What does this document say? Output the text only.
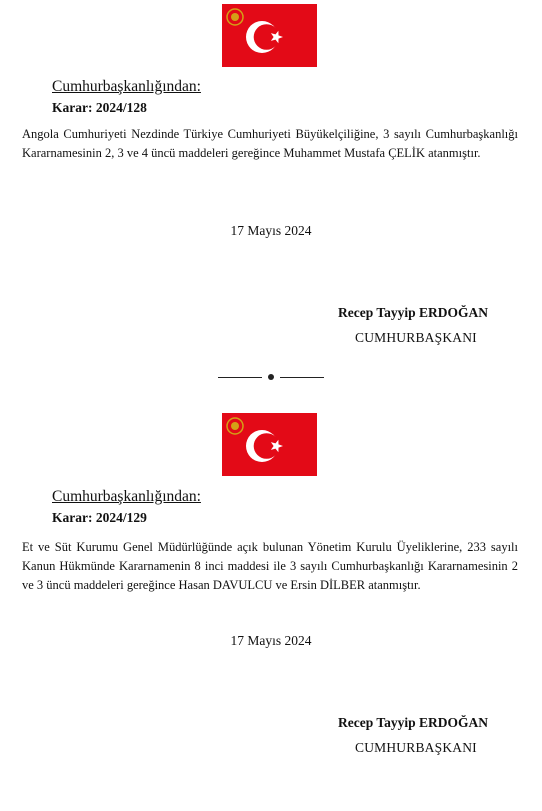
Cumhurbaşkanlığından:
Karar: 2024/128
Angola Cumhuriyeti Nezdinde Türkiye Cumhuriyeti Büyükelçiliğine, 3 sayılı Cumhurbaşkanlığı Kararnamesinin 2, 3 ve 4 üncü maddeleri gereğince Muhammet Mustafa ÇELİK atanmıştır.
17 Mayıs 2024
Recep Tayyip ERDOĞAN
CUMHURBAŞKANI
Cumhurbaşkanlığından:
Karar: 2024/129
Et ve Süt Kurumu Genel Müdürlüğünde açık bulunan Yönetim Kurulu Üyeliklerine, 233 sayılı Kanun Hükmünde Kararnamenin 8 inci maddesi ile 3 sayılı Cumhurbaşkanlığı Kararnamesinin 2 ve 3 üncü maddeleri gereğince Hasan DAVULCU ve Ersin DİLBER atanmıştır.
17 Mayıs 2024
Recep Tayyip ERDOĞAN
CUMHURBAŞKANI
